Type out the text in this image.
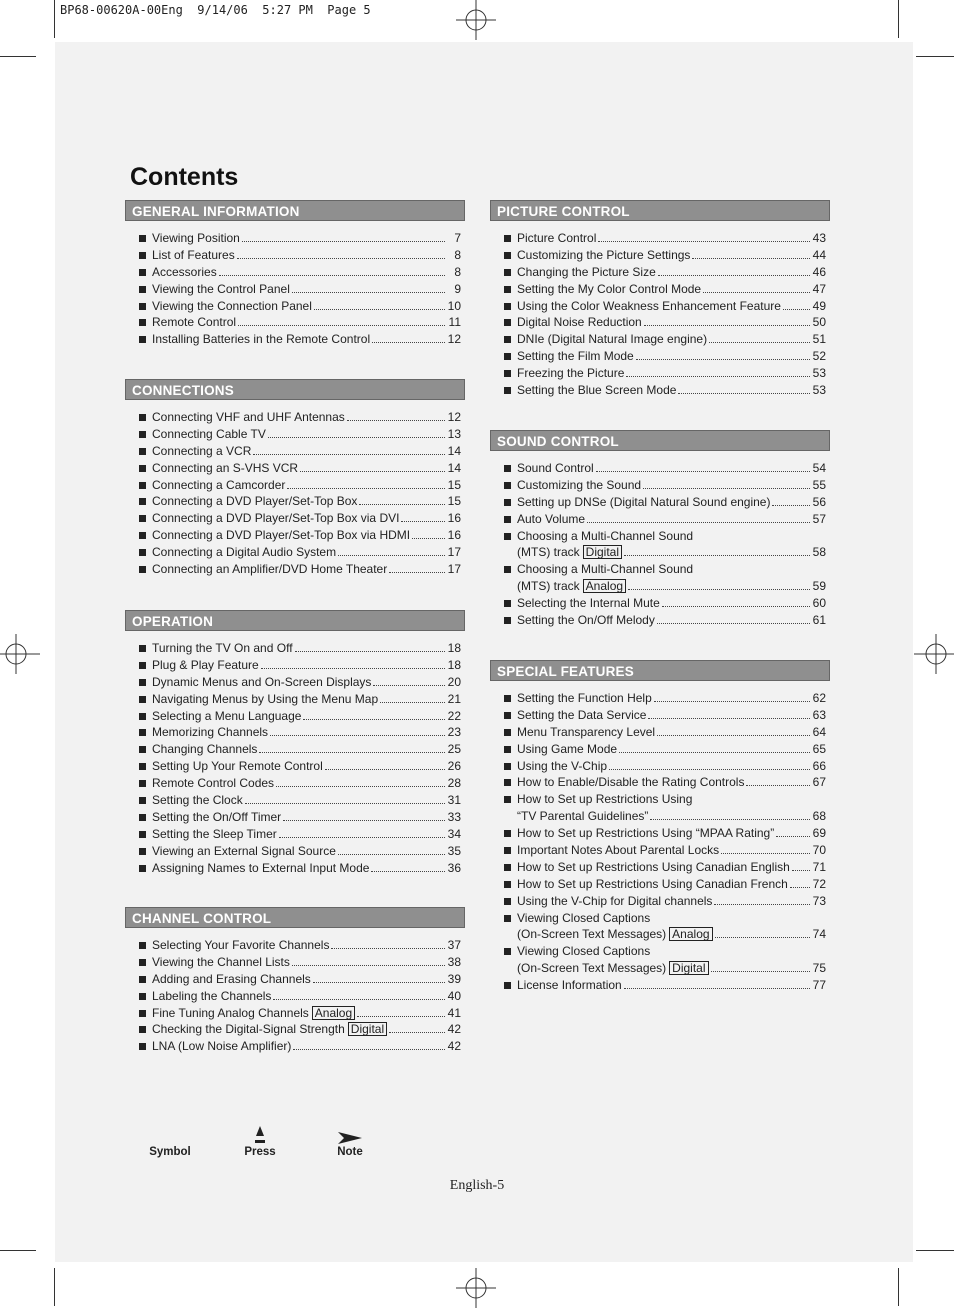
BP68-00620A-00Eng  9/14/06  5:27 PM  Page 5
Contents
GENERAL INFORMATION
Viewing Position	7
List of Features	8
Accessories	8
Viewing the Control Panel	9
Viewing the Connection Panel	10
Remote Control	11
Installing Batteries in the Remote Control	12
CONNECTIONS
Connecting VHF and UHF Antennas	12
Connecting Cable TV	13
Connecting a VCR	14
Connecting an S-VHS VCR	14
Connecting a Camcorder	15
Connecting a DVD Player/Set-Top Box	15
Connecting a DVD Player/Set-Top Box via DVI	16
Connecting a DVD Player/Set-Top Box via HDMI	16
Connecting a Digital Audio System	17
Connecting an Amplifier/DVD Home Theater	17
OPERATION
Turning the TV On and Off	18
Plug & Play Feature	18
Dynamic Menus and On-Screen Displays	20
Navigating Menus by Using the Menu Map	21
Selecting a Menu Language	22
Memorizing Channels	23
Changing Channels	25
Setting Up Your Remote Control	26
Remote Control Codes	28
Setting the Clock	31
Setting the On/Off Timer	33
Setting the Sleep Timer	34
Viewing an External Signal Source	35
Assigning Names to External Input Mode	36
CHANNEL CONTROL
Selecting Your Favorite Channels	37
Viewing the Channel Lists	38
Adding and Erasing Channels	39
Labeling the Channels	40
Fine Tuning Analog Channels Analog	41
Checking the Digital-Signal Strength Digital	42
LNA (Low Noise Amplifier)	42
PICTURE CONTROL
Picture Control	43
Customizing the Picture Settings	44
Changing the Picture Size	46
Setting the My Color Control Mode	47
Using the Color Weakness Enhancement Feature	49
Digital Noise Reduction	50
DNIe (Digital Natural Image engine)	51
Setting the Film Mode	52
Freezing the Picture	53
Setting the Blue Screen Mode	53
SOUND CONTROL
Sound Control	54
Customizing the Sound	55
Setting up DNSe (Digital Natural Sound engine)	56
Auto Volume	57
Choosing a Multi-Channel Sound
(MTS) track Digital	58
Choosing a Multi-Channel Sound
(MTS) track Analog	59
Selecting the Internal Mute	60
Setting the On/Off Melody	61
SPECIAL FEATURES
Setting the Function Help	62
Setting the Data Service	63
Menu Transparency Level	64
Using Game Mode	65
Using the V-Chip	66
How to Enable/Disable the Rating Controls	67
How to Set up Restrictions Using
“TV Parental Guidelines”	68
How to Set up Restrictions Using “MPAA Rating”	69
Important Notes About Parental Locks	70
How to Set up Restrictions Using Canadian English 71
How to Set up Restrictions Using Canadian French 72
Using the V-Chip for Digital channels	73
Viewing Closed Captions
(On-Screen Text Messages) Analog	74
Viewing Closed Captions
(On-Screen Text Messages) Digital	75
License Information	77
Symbol	Press	Note
English-5
